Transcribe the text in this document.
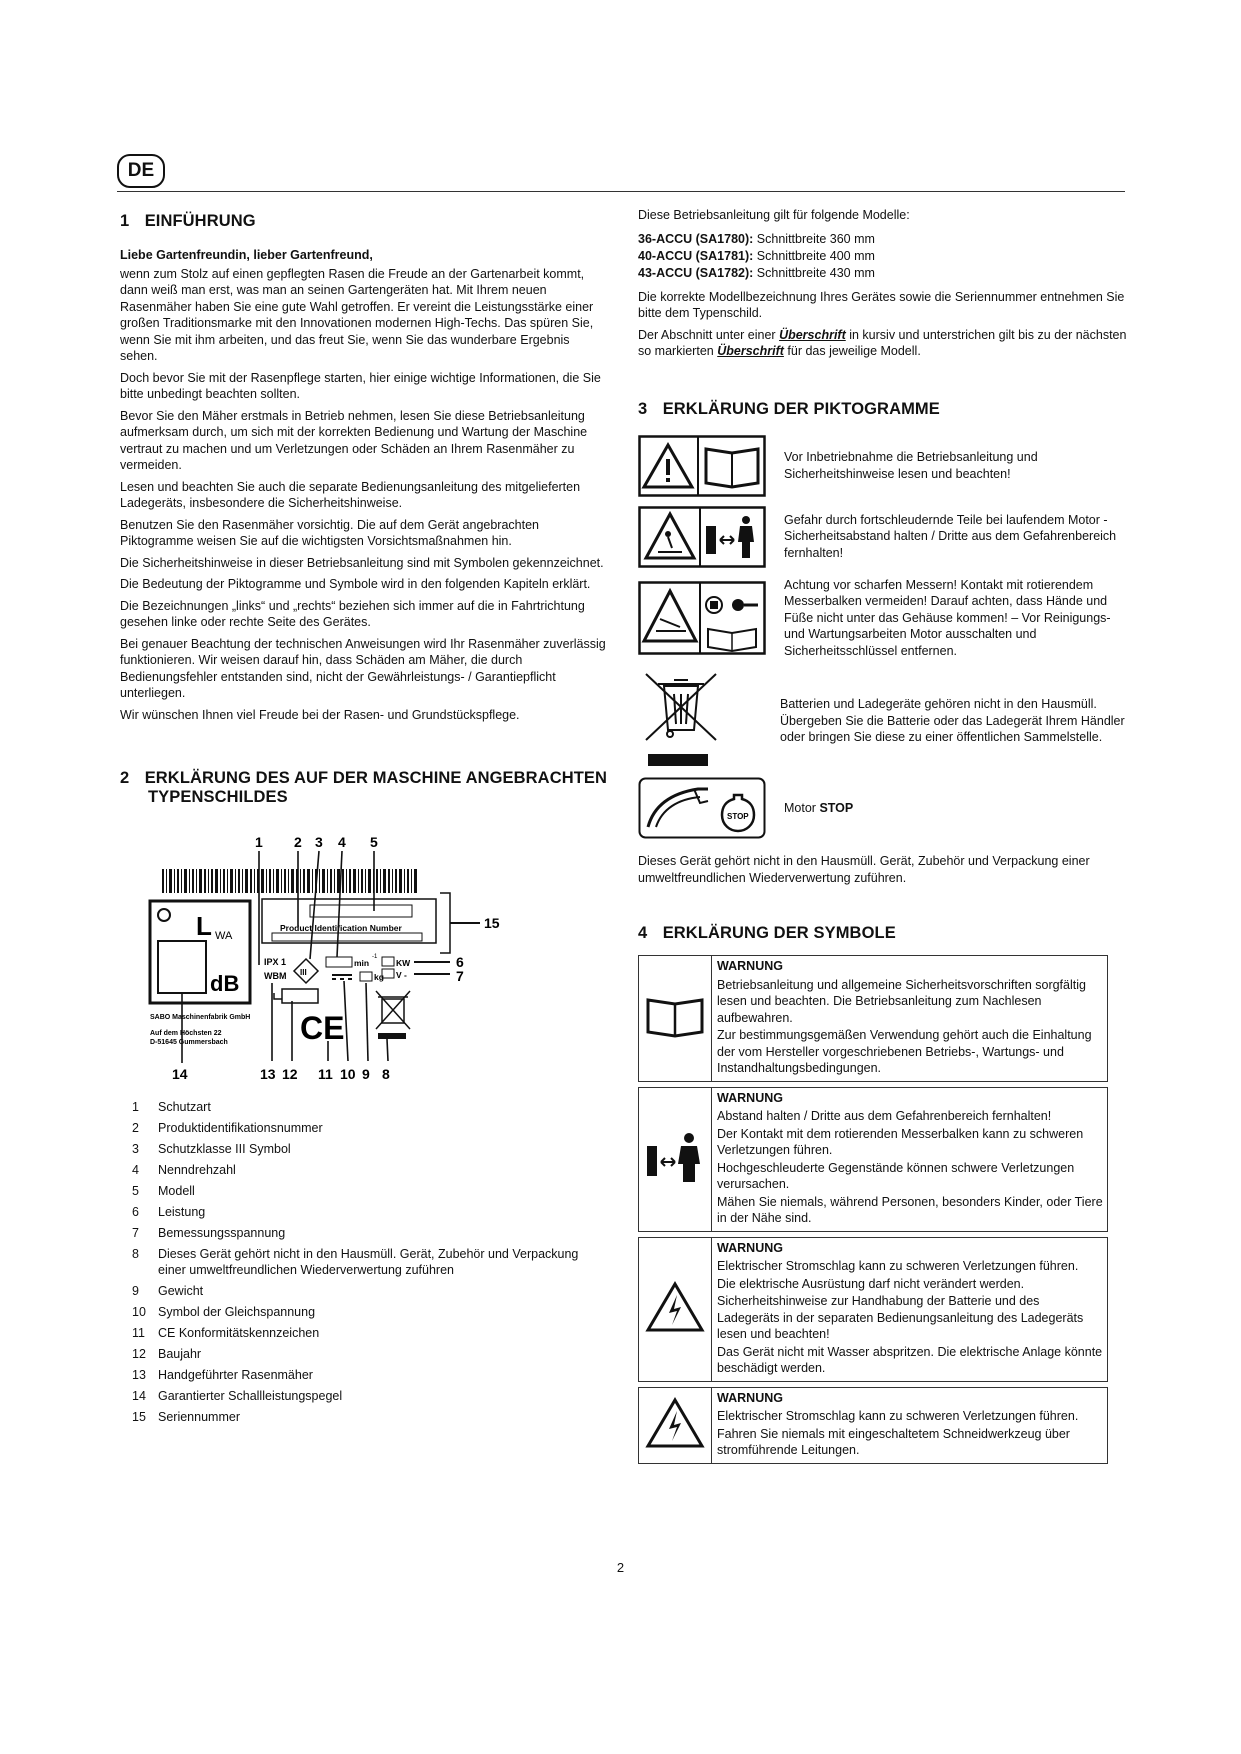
DE
1 EINFÜHRUNG

Liebe Gartenfreundin, lieber Gartenfreund,

wenn zum Stolz auf einen gepflegten Rasen die Freude an der Gartenarbeit kommt, dann weiß man erst, was man an seinen Gartengeräten hat. Mit Ihrem neuen Rasenmäher haben Sie eine gute Wahl getroffen. Er vereint die Leistungsstärke einer großen Traditionsmarke mit den Innovationen modernen High-Techs. Das spüren Sie, wenn Sie mit ihm arbeiten, und das freut Sie, wenn Sie das wunderbare Ergebnis sehen.

Doch bevor Sie mit der Rasenpflege starten, hier einige wichtige Informationen, die Sie bitte unbedingt beachten sollten.

Bevor Sie den Mäher erstmals in Betrieb nehmen, lesen Sie diese Betriebsanleitung aufmerksam durch, um sich mit der korrekten Bedienung und Wartung der Maschine vertraut zu machen und um Verletzungen oder Schäden an Ihrem Rasenmäher zu vermeiden.

Lesen und beachten Sie auch die separate Bedienungsanleitung des mitgelieferten Ladegeräts, insbesondere die Sicherheitshinweise.

Benutzen Sie den Rasenmäher vorsichtig. Die auf dem Gerät angebrachten Piktogramme weisen Sie auf die wichtigsten Vorsichtsmaßnahmen hin.

Die Sicherheitshinweise in dieser Betriebsanleitung sind mit Symbolen gekennzeichnet.

Die Bedeutung der Piktogramme und Symbole wird in den folgenden Kapiteln erklärt.

Die Bezeichnungen „links“ und „rechts“ beziehen sich immer auf die in Fahrtrichtung gesehen linke oder rechte Seite des Gerätes.

Bei genauer Beachtung der technischen Anweisungen wird Ihr Rasenmäher zuverlässig funktionieren. Wir weisen darauf hin, dass Schäden am Mäher, die durch Bedienungsfehler entstanden sind, nicht der Gewährleistungs- / Garantiepflicht unterliegen.

Wir wünschen Ihnen viel Freude bei der Rasen- und Grundstückspflege.

2 ERKLÄRUNG DES AUF DER MASCHINE ANGEBRACHTEN
TYPENSCHILDES
1 2 3 4 5
L WA
dB
Product Identification Number	15
IPX 1
WBM III
min
-1
kg
KW
V -
6
7
CE
SABO Maschinenfabrik GmbH
Auf dem Höchsten 22
D-51645 Gummersbach
14	13 12 11 10 9 8
1	Schutzart
2	Produktidentifikationsnummer
3	Schutzklasse III Symbol
4	Nenndrehzahl
5	Modell
6	Leistung
7	Bemessungsspannung
8	Dieses Gerät gehört nicht in den Hausmüll. Gerät, Zubehör und Verpackung einer umweltfreundlichen Wiederverwertung zuführen
9	Gewicht
10 Symbol der Gleichspannung
11	CE Konformitätskennzeichen
12 Baujahr
13 Handgeführter Rasenmäher
14 Garantierter Schallleistungspegel
15 Seriennummer

Diese Betriebsanleitung gilt für folgende Modelle:

36-ACCU (SA1780): Schnittbreite 360 mm

40-ACCU (SA1781): Schnittbreite 400 mm

43-ACCU (SA1782): Schnittbreite 430 mm

Die korrekte Modellbezeichnung Ihres Gerätes sowie die Seriennummer entnehmen Sie bitte dem Typenschild.

Der Abschnitt unter einer Überschrift in kursiv und unterstrichen gilt bis zu der nächsten so markierten Überschrift für das jeweilige Modell.

3 ERKLÄRUNG DER PIKTOGRAMME
Vor Inbetriebnahme die Betriebsanleitung und Sicherheitshinweise lesen und beachten!
Gefahr durch fortschleudernde Teile bei laufendem Motor - Sicherheitsabstand halten / Dritte aus dem Gefahrenbereich fernhalten!
Achtung vor scharfen Messern! Kontakt mit rotierendem Messerbalken vermeiden! Darauf achten, dass Hände und Füße nicht unter das Gehäuse kommen! – Vor Reinigungs- und Wartungsarbeiten Motor ausschalten und Sicherheitsschlüssel entfernen.
Batterien und Ladegeräte gehören nicht in den Hausmüll. Übergeben Sie die Batterie oder das Ladegerät Ihrem Händler oder bringen Sie diese zu einer öffentlichen Sammelstelle.
STOP
Motor STOP

Dieses Gerät gehört nicht in den Hausmüll. Gerät, Zubehör und Verpackung einer umweltfreundlichen Wiederverwertung zuführen.

4 ERKLÄRUNG DER SYMBOLE

WARNUNG

Betriebsanleitung und allgemeine Sicherheitsvorschriften sorgfältig lesen und beachten. Die Betriebsanleitung zum Nachlesen aufbewahren.

Zur bestimmungsgemäßen Verwendung gehört auch die Einhaltung der vom Hersteller vorgeschriebenen Betriebs-, Wartungs- und Instandhaltungsbedingungen.

WARNUNG

Abstand halten / Dritte aus dem Gefahrenbereich fernhalten!

Der Kontakt mit dem rotierenden Messerbalken kann zu schweren Verletzungen führen.

Hochgeschleuderte Gegenstände können schwere Verletzungen verursachen.

Mähen Sie niemals, während Personen, besonders Kinder, oder Tiere in der Nähe sind.

WARNUNG

Elektrischer Stromschlag kann zu schweren Verletzungen führen.

Die elektrische Ausrüstung darf nicht verändert werden.

Sicherheitshinweise zur Handhabung der Batterie und des Ladegeräts in der separaten Bedienungsanleitung des Ladegeräts lesen und beachten!

Das Gerät nicht mit Wasser abspritzen. Die elektrische Anlage könnte beschädigt werden.

WARNUNG

Elektrischer Stromschlag kann zu schweren Verletzungen führen.

Fahren Sie niemals mit eingeschaltetem Schneidwerkzeug über stromführende Leitungen.

2
